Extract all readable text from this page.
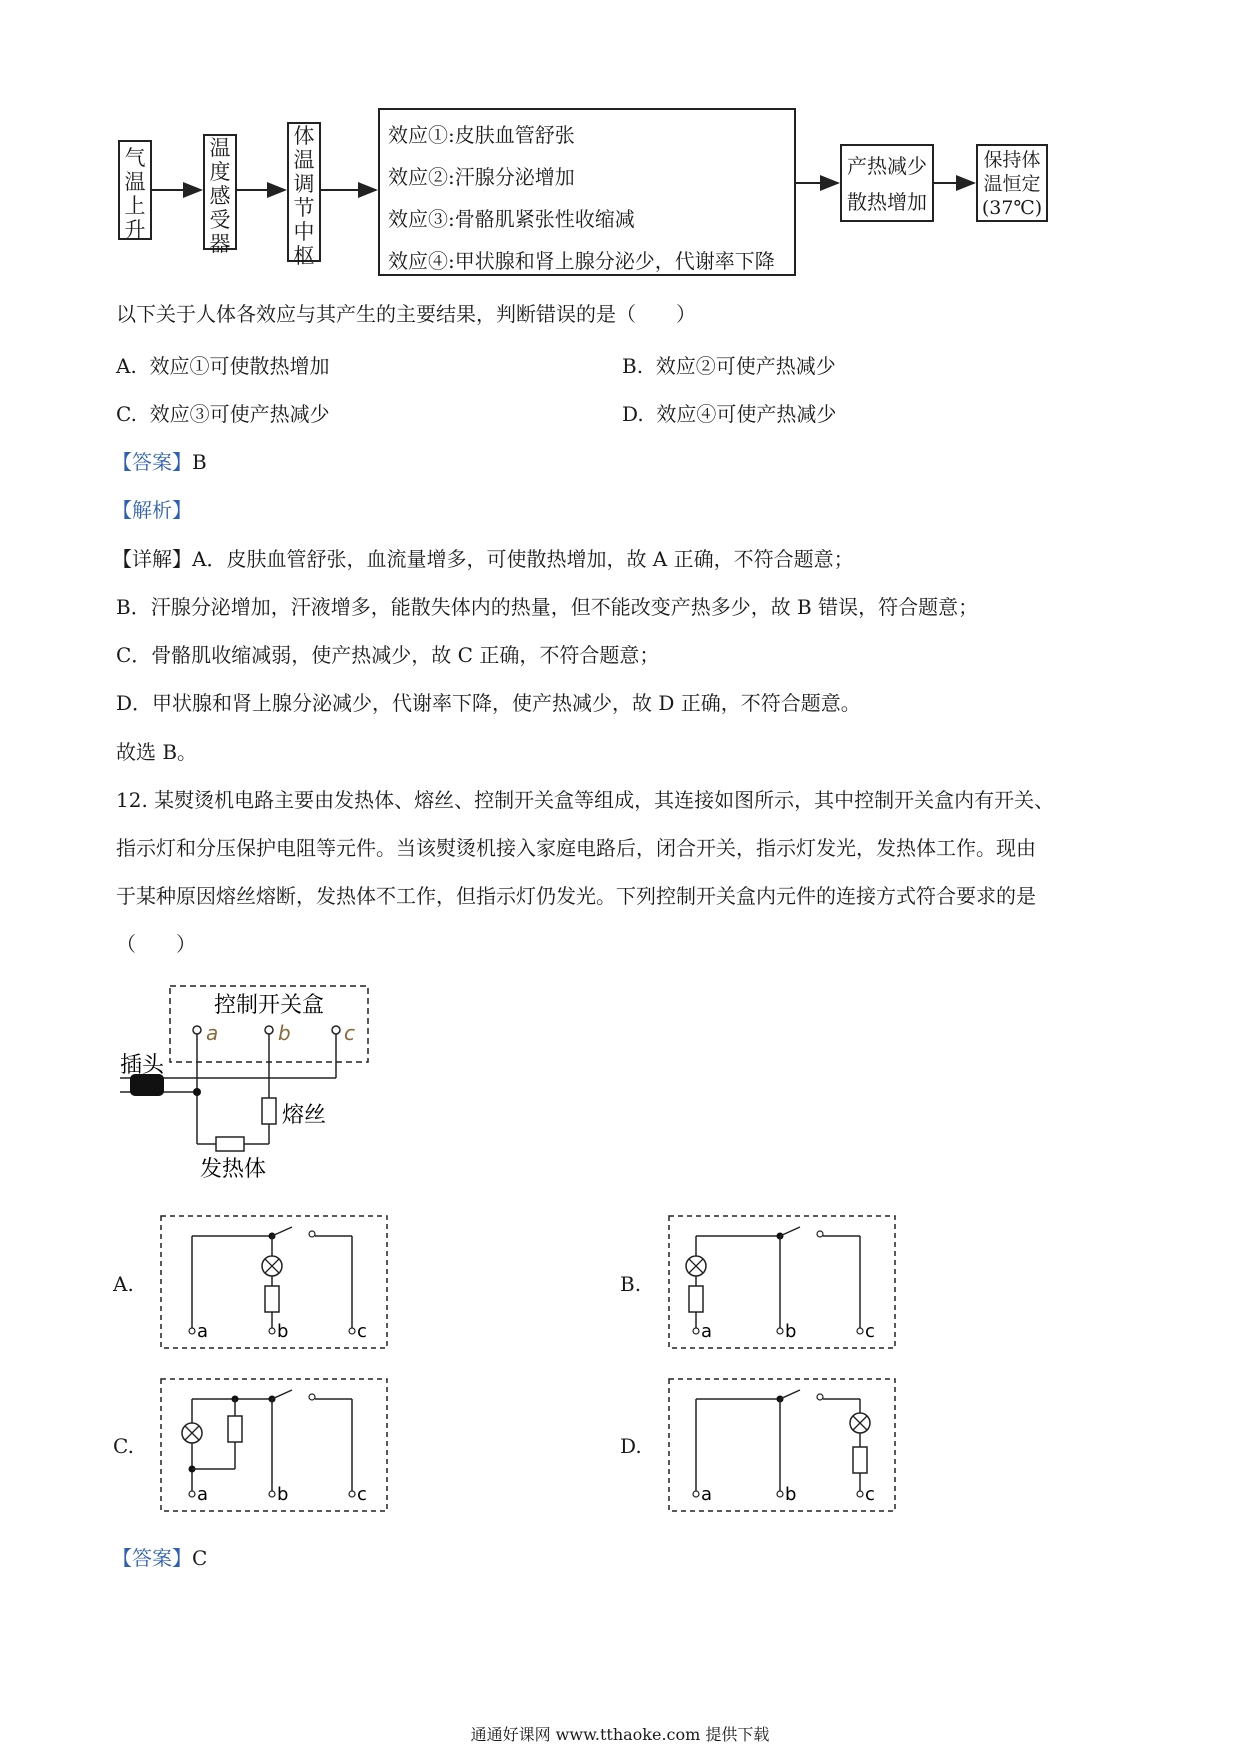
气
温
上
升
温
度
感
受
器
体
温
调
节
中
枢
效应①:皮肤血管舒张
效应②:汗腺分泌增加
效应③:骨骼肌紧张性收缩减
效应④:甲状腺和肾上腺分泌少，代谢率下降
产热减少
散热增加
保持体
温恒定
(37℃)
以下关于人体各效应与其产生的主要结果，判断错误的是（　　）
A. 效应①可使散热增加	B. 效应②可使产热减少
C. 效应③可使产热减少	D. 效应④可使产热减少
【答案】B
【解析】
【详解】A．皮肤血管舒张，血流量增多，可使散热增加，故 A 正确，不符合题意；
B．汗腺分泌增加，汗液增多，能散失体内的热量，但不能改变产热多少，故 B 错误，符合题意；
C．骨骼肌收缩减弱，使产热减少，故 C 正确，不符合题意；
D．甲状腺和肾上腺分泌减少，代谢率下降，使产热减少，故 D 正确，不符合题意。
故选 B。
12. 某熨烫机电路主要由发热体、熔丝、控制开关盒等组成，其连接如图所示，其中控制开关盒内有开关、
指示灯和分压保护电阻等元件。当该熨烫机接入家庭电路后，闭合开关，指示灯发光，发热体工作。现由
于某种原因熔丝熔断，发热体不工作，但指示灯仍发光。下列控制开关盒内元件的连接方式符合要求的是
（　　）
控制开关盒
a	b	c
插头
熔丝
发热体
A.	B.
C.	D.
a	b	c	a	b	c
a	b	c	a	b	c
【答案】C
通通好课网 www.tthaoke.com 提供下载
